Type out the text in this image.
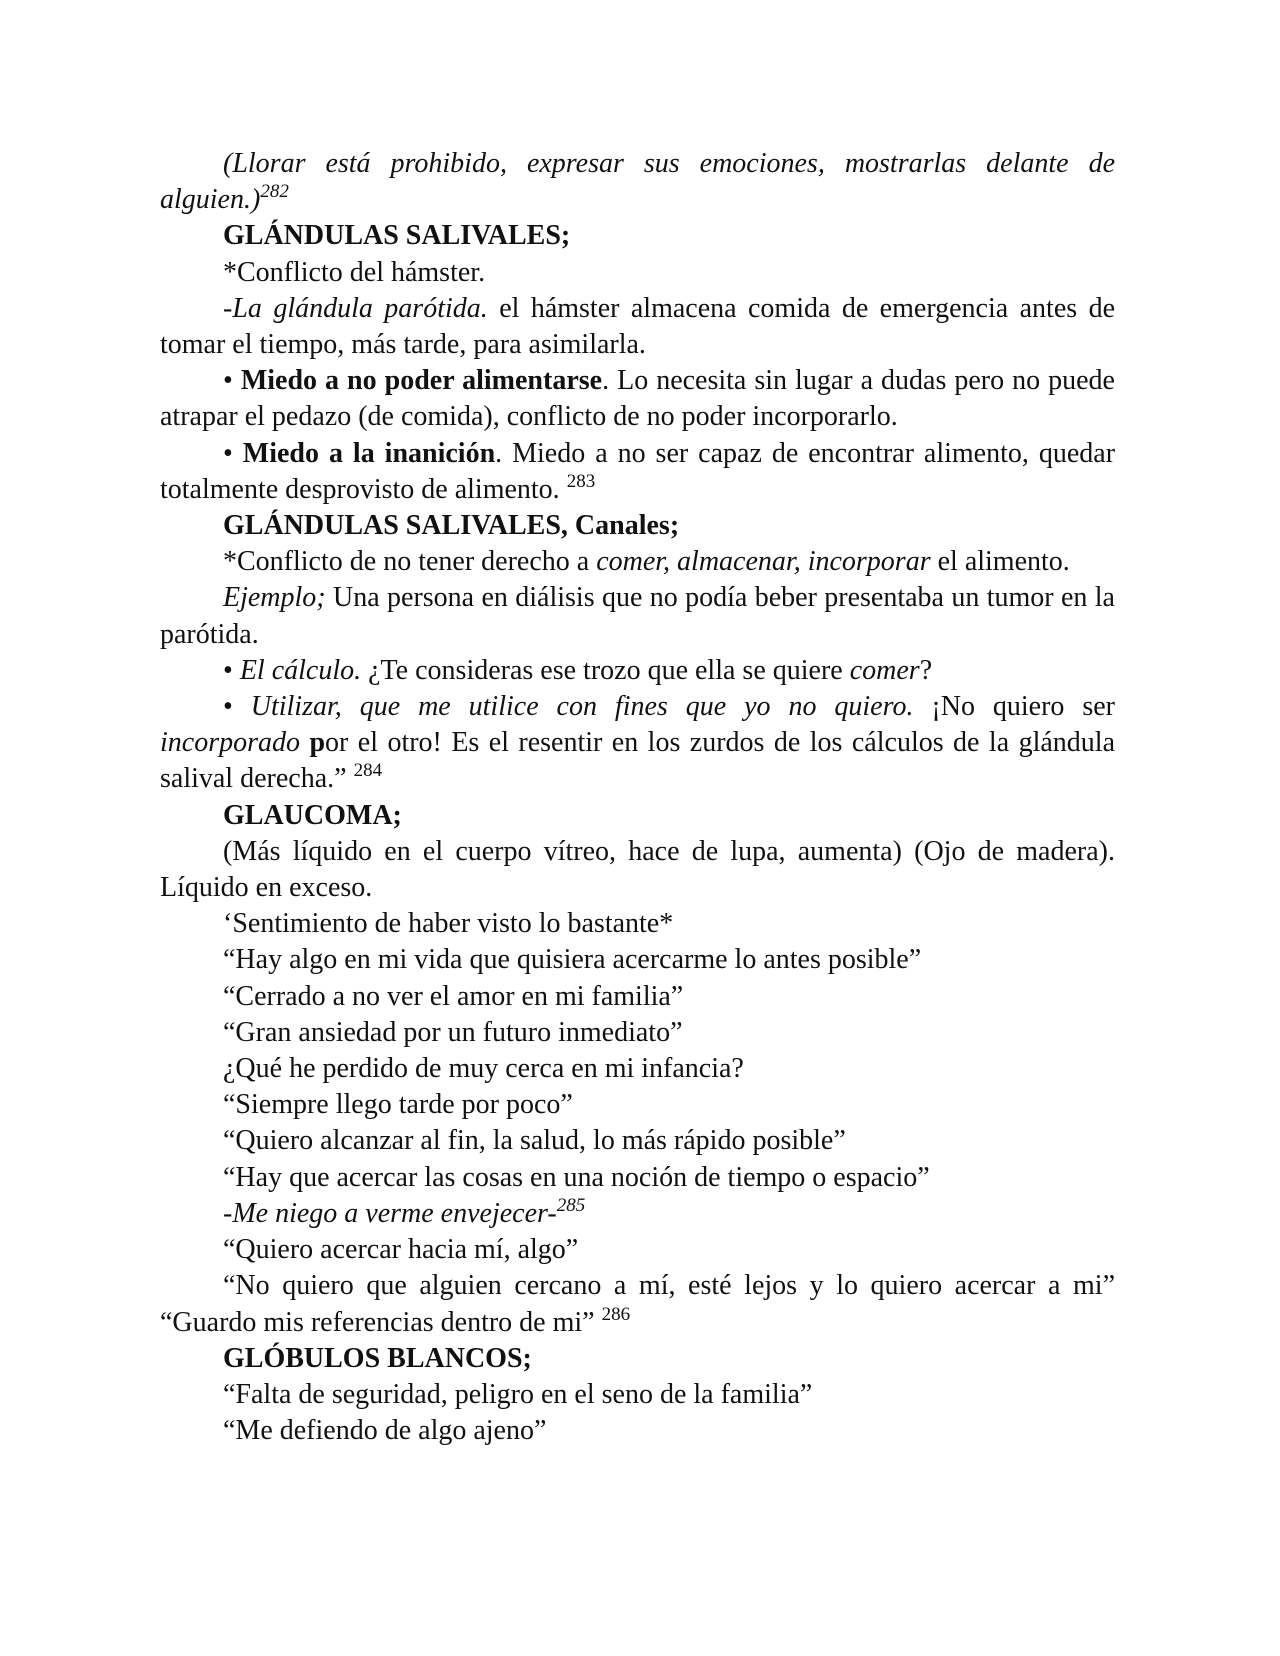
(Llorar está prohibido, expresar sus emociones, mostrarlas delante de alguien.)$^{282}$

GLÁNDULAS SALIVALES;

*Conflicto del hámster.

-La glándula parótida. el hámster almacena comida de emergencia antes de tomar el tiempo, más tarde, para asimilarla.

• Miedo a no poder alimentarse. Lo necesita sin lugar a dudas pero no puede atrapar el pedazo (de comida), conflicto de no poder incorporarlo.

• Miedo a la inanición. Miedo a no ser capaz de encontrar alimento, quedar totalmente desprovisto de alimento. $^{283}$

GLÁNDULAS SALIVALES, Canales;

*Conflicto de no tener derecho a comer, almacenar, incorporar el alimento.

Ejemplo; Una persona en diálisis que no podía beber presentaba un tumor en la parótida.

• El cálculo. ¿Te consideras ese trozo que ella se quiere comer?

• Utilizar, que me utilice con fines que yo no quiero. ¡No quiero ser incorporado por el otro! Es el resentir en los zurdos de los cálculos de la glándula salival derecha.” $^{284}$

GLAUCOMA;

(Más líquido en el cuerpo vítreo, hace de lupa, aumenta) (Ojo de madera). Líquido en exceso.

‘Sentimiento de haber visto lo bastante*

“Hay algo en mi vida que quisiera acercarme lo antes posible”

“Cerrado a no ver el amor en mi familia”

“Gran ansiedad por un futuro inmediato”

¿Qué he perdido de muy cerca en mi infancia?

“Siempre llego tarde por poco”

“Quiero alcanzar al fin, la salud, lo más rápido posible”

“Hay que acercar las cosas en una noción de tiempo o espacio”

-Me niego a verme envejecer-$^{285}$

“Quiero acercar hacia mí, algo”

“No quiero que alguien cercano a mí, esté lejos y lo quiero acercar a mi” “Guardo mis referencias dentro de mi” $^{286}$

GLÓBULOS BLANCOS;

“Falta de seguridad, peligro en el seno de la familia”

“Me defiendo de algo ajeno”
